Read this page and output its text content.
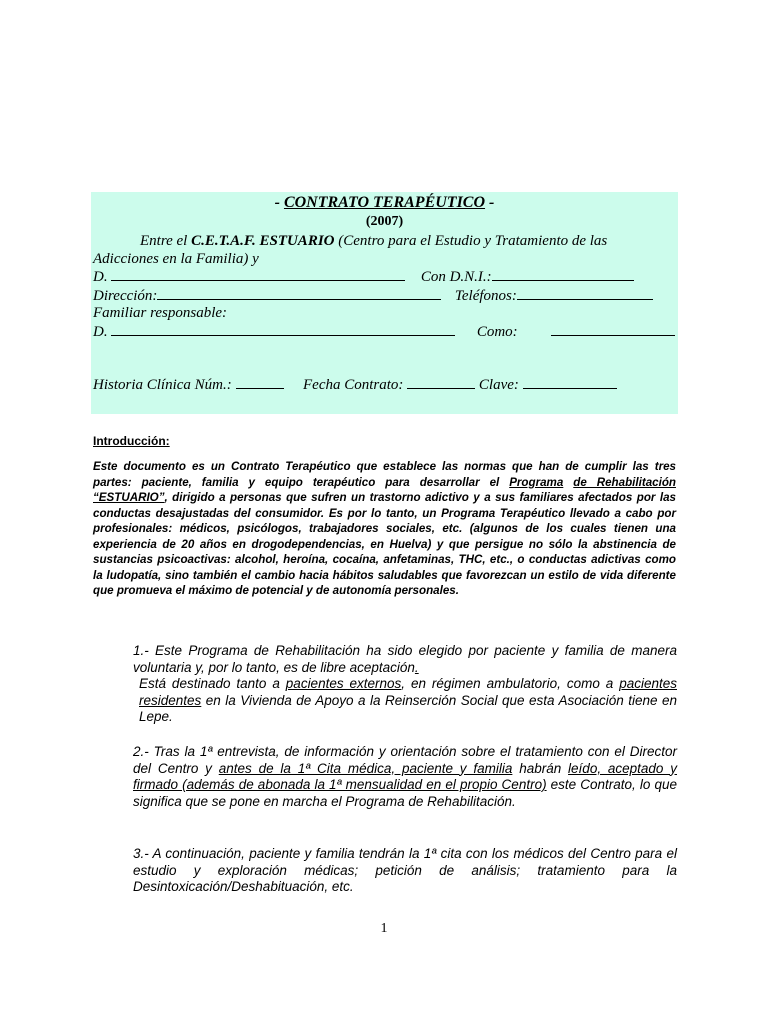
- CONTRATO TERAPÉUTICO -
(2007)
Entre el C.E.T.A.F. ESTUARIO (Centro para el Estudio y Tratamiento de las Adicciones en la Familia) y
D.	Con D.N.I.:
Dirección:	Teléfonos:
Familiar responsable:
D.	Como:
Historia Clínica Núm.:	Fecha Contrato:	Clave:
Introducción:
Este documento es un Contrato Terapéutico que establece las normas que han de cumplir las tres partes: paciente, familia y equipo terapéutico para desarrollar el Programa de Rehabilitación “ESTUARIO”, dirigido a personas que sufren un trastorno adictivo y a sus familiares afectados por las conductas desajustadas del consumidor. Es por lo tanto, un Programa Terapéutico llevado a cabo por profesionales: médicos, psicólogos, trabajadores sociales, etc. (algunos de los cuales tienen una experiencia de 20 años en drogodependencias, en Huelva) y que persigue no sólo la abstinencia de sustancias psicoactivas: alcohol, heroína, cocaína, anfetaminas, THC, etc., o conductas adictivas como la ludopatía, sino también el cambio hacia hábitos saludables que favorezcan un estilo de vida diferente que promueva el máximo de potencial y de autonomía personales.
1.- Este Programa de Rehabilitación ha sido elegido por paciente y familia de manera voluntaria y, por lo tanto, es de libre aceptación.
Está destinado tanto a pacientes externos, en régimen ambulatorio, como a pacientes residentes en la Vivienda de Apoyo a la Reinserción Social que esta Asociación tiene en Lepe.
2.- Tras la 1ª entrevista, de información y orientación sobre el tratamiento con el Director del Centro y antes de la 1ª Cita médica, paciente y familia habrán leído, aceptado y firmado (además de abonada la 1ª mensualidad en el propio Centro) este Contrato, lo que significa que se pone en marcha el Programa de Rehabilitación.
3.- A continuación, paciente y familia tendrán la 1ª cita con los médicos del Centro para el estudio y exploración médicas; petición de análisis; tratamiento para la Desintoxicación/Deshabituación, etc.
1
